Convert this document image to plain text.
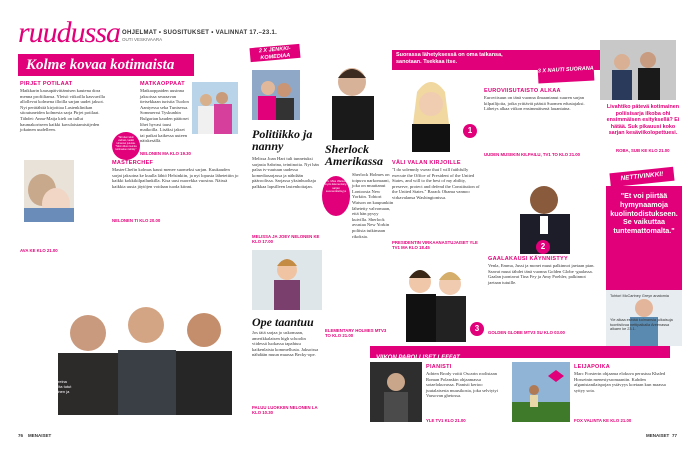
ruudussa OHJELMAT • SUOSITUKSET • VALINNAT 17.–23.1.
OUTI VESKIVAARA
Kolme kovaa kotimaista
PIRJET POTILAAT
Maikkarin kausapäivittämisen kautena dora menna profiiliansa. Yleisö viikoilla kasvuvilla allollevat kolmena illoilla sarjan uudet jaksot. Nyt perätähtiä kirjoittaa Lastenklinikan sitoutuneiden kolmesta sarja Pirjet potilaat. Tähdet: Anna-Maija kieli on tullut haumakoriseen kaikki kavulaistamistijeden jokainen uudelleen.
AVA KE KLO 21.00
MATKAOPPAAT
Matkaoppaiden uusinna jaksoissa seuraavan tietsekkaan turistia Tuolon Aantyessa seka Tunisessa. Sommerssi Tyskunhin Bulgarian kauden päätoset lihet hyvasi tausi matkoilla. Lisäksi jakset tai paikat kaikessa uuteen näiskesällä.
NELONEN MA KLO 19.30
"Siti olen tekin varhain, kaikki tuhannet jutuista. "Siisti viikon kuinka kotimainen tahtäy."
MASTERCHEF
MasterChefin kolmas kausi menee suomeksi sarjan. Kuukauden sarjat jaksoina ke kuulla lähtö Helsinkiin, ja nyt lopusta lähetettiin jo kaikki kokkikilpailunkilla. Kisa uusi nuorekka vuosina. Näissä kaikkia uusia jäytöjen voidaan tuoda kiinni.
NELONEN TI KLO 20.00
MasterChefin tuomareina jatkavat viime kaudelta tutut Tomi Björk, Sikiu Suinen ja Mikko Takala
2 X JENKKI-KOMEDIAA
Politiikko ja nanny
Melissa Joan Hart tuli tunnetuksi sarjasta Sabrina, teiniinoita. Nyt hän palaa tv-ruutuun uudessa komediasarjassa ja nähdään pääroolissa. Sarjassa yksinhuoltaja palkkaa lapsilleen lastenhoitajan.
MELISSA JA JOEY NELONEN KE KLO 17.00
Ope taantuu
Jos tätä sarjaa jo uskomaan, amerikkalaisen high schoolin viidessä luokassa tapahtuu kaikenlaista kommellusta. Jaksoissa nähdään muun muassa Becky-ope.
PALUU LUOKKIIN NELONEN LA KLO 10.30
76 MENAISET
Sherlock Amerikassa
Ps. Miss Watson myös Elementary- sarjan suomenkielisyys
Sherlock Holmes on toipuva narkomaani, joka on muuttanut Lontoosta New Yorkiin. Tohtori Watson on kaupunkiin lähetetty valvomaan, että hän pysyy kuivilla. Sherlock avustaa New Yorkin poliisia tutkimaan rikoksia.
ELEMENTARY HOLMES MTV3 TO KLO 21.00
Suorassa lähetyksessä on oma taikansa, sanotaan. Tsekkaa itse.
3 X NAUTI SUORANA
1
EUROVIISUTAISTO ALKAA
Euroviisuun on tänä vuonna ilmaantanut suuren sarjan kilpailijoita, jotka yrittävät päästä Suomen edustajaksi. Lähetys alkaa viikon ensimmäisenä lauantaina.
UUDEN MUSIIKIN KILPAILU, TV1 TO KLO 21.00
VÄLI VALAN KIRJOILLE
"I do solemnly swear that I will faithfully execute the Office of President of the United States, and will to the best of my ability, preserve, protect and defend the Constitution of the United States." Barack Obama vannoo virkavalansa Washingtonissa.
PRESIDENTIN VIRKAANASTUJAISET YLE TV1 MA KLO 18.45	2
3
GAALAKAUSI KÄYNNISTYY
Venla, Emma, Jussi ja monet muut palkinnot jaetaan pian. Saavat muut tähdet tänä vuonna Golden Globe -gaalassa. Gaalan juontavat Tina Fey ja Amy Poehler, palkinnot jaetaan tutuille.
GOLDEN GLOBE MTV3 SU KLO 03.00
VIIKON PAROLLISET LEFFAT
PIANISTI
Adrien Brody voitti Oscarin roolistaan Roman Polanskin ohjaamassa sotaelokuvassa. Pianisti kertoo juutalaisesta muusikosta, joka selviytyi Varsovan ghetossa.
YLE TV1 KLO 21.00
LEIJAPOIKA
Marc Forsterin ohjaama elokuva perustuu Khaled Hosseinin menestysromaaniin. Kahden afganistanilaispojan ystävyys koetaan kun maassa syttyy sota.
FOX VALINTA KE KLO 21.00
Livahtiko pätevä kotimainen poliisisarja ilkoba ohi ensimmäisen esityksellä? Ei hätää. Suk pikauusi koko sarjan kesäviikolopettuesi.
ROBA, SUB KE KLO 21.00
NETTIVINKKI!
"Et voi piirtää hymynaamoja kuolintodistukseen. Se vaikuttaa tuntemattomalta."
Tohtori McCartney Greyn anatomia
Yle alkaa esittää kolmansia julkaisuja tuontisiivua nettipaikalla Areenassa alkaen ke 23.1.
MENAISET 77
